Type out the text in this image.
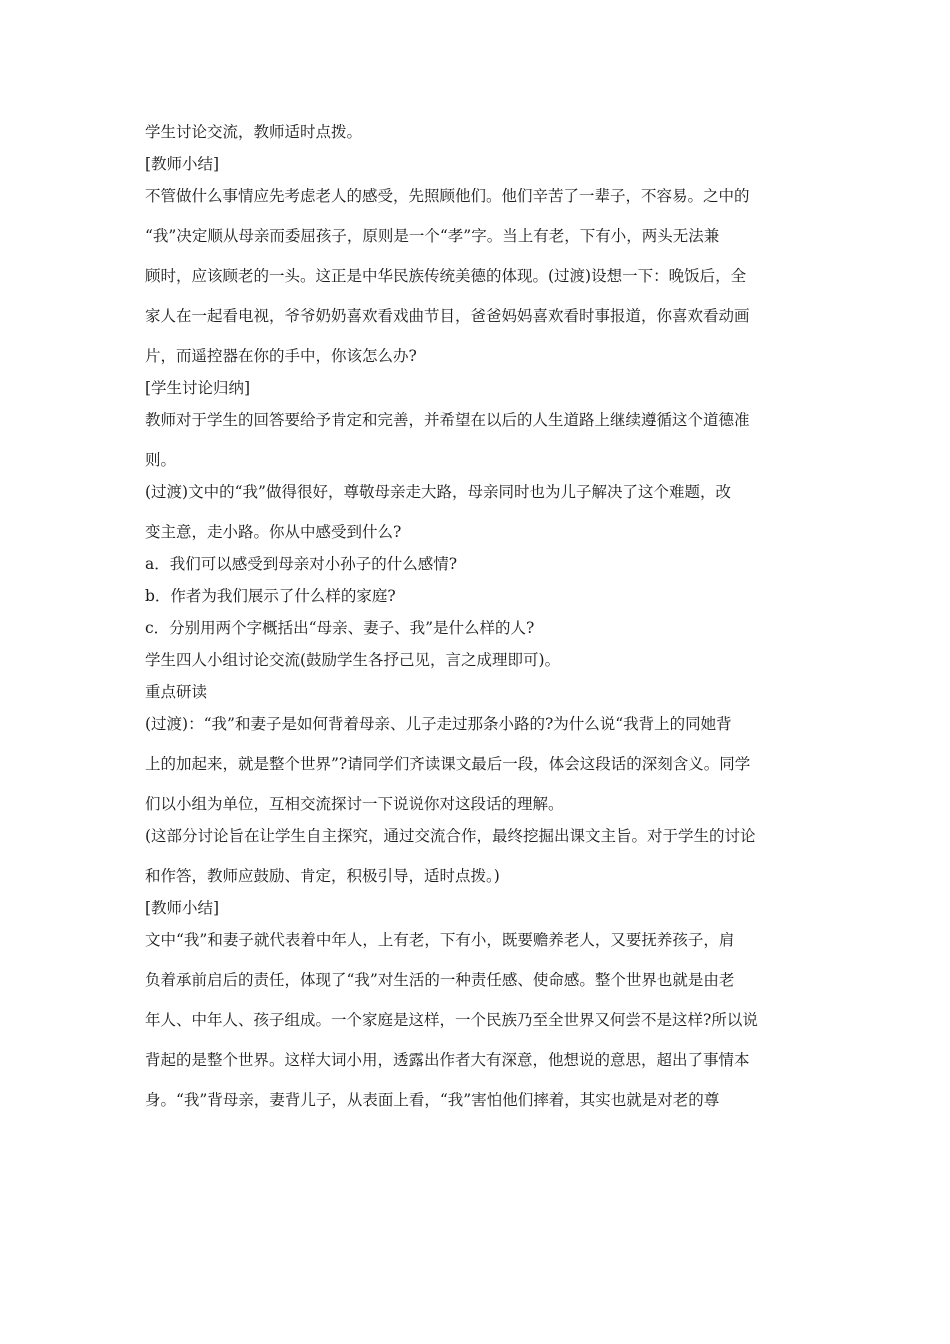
学生讨论交流，教师适时点拨。
[教师小结]
不管做什么事情应先考虑老人的感受，先照顾他们。他们辛苦了一辈子，不容易。之中的
“我”决定顺从母亲而委屈孩子，原则是一个“孝”字。当上有老，下有小，两头无法兼
顾时，应该顾老的一头。这正是中华民族传统美德的体现。(过渡)设想一下：晚饭后，全
家人在一起看电视，爷爷奶奶喜欢看戏曲节目，爸爸妈妈喜欢看时事报道，你喜欢看动画
片，而遥控器在你的手中，你该怎么办?
[学生讨论归纳]
教师对于学生的回答要给予肯定和完善，并希望在以后的人生道路上继续遵循这个道德准
则。
(过渡)文中的“我”做得很好，尊敬母亲走大路，母亲同时也为儿子解决了这个难题，改
变主意，走小路。你从中感受到什么?
a．我们可以感受到母亲对小孙子的什么感情?
b．作者为我们展示了什么样的家庭?
c．分别用两个字概括出“母亲、妻子、我”是什么样的人?
学生四人小组讨论交流(鼓励学生各抒己见，言之成理即可)。
重点研读
(过渡)：“我”和妻子是如何背着母亲、儿子走过那条小路的?为什么说“我背上的同她背
上的加起来，就是整个世界”?请同学们齐读课文最后一段，体会这段话的深刻含义。同学
们以小组为单位，互相交流探讨一下说说你对这段话的理解。
(这部分讨论旨在让学生自主探究，通过交流合作，最终挖掘出课文主旨。对于学生的讨论
和作答，教师应鼓励、肯定，积极引导，适时点拨。)
[教师小结]
文中“我”和妻子就代表着中年人，上有老，下有小，既要赡养老人，又要抚养孩子，肩
负着承前启后的责任，体现了“我”对生活的一种责任感、使命感。整个世界也就是由老
年人、中年人、孩子组成。一个家庭是这样，一个民族乃至全世界又何尝不是这样?所以说
背起的是整个世界。这样大词小用，透露出作者大有深意，他想说的意思，超出了事情本
身。“我”背母亲，妻背儿子，从表面上看，“我”害怕他们摔着，其实也就是对老的尊
